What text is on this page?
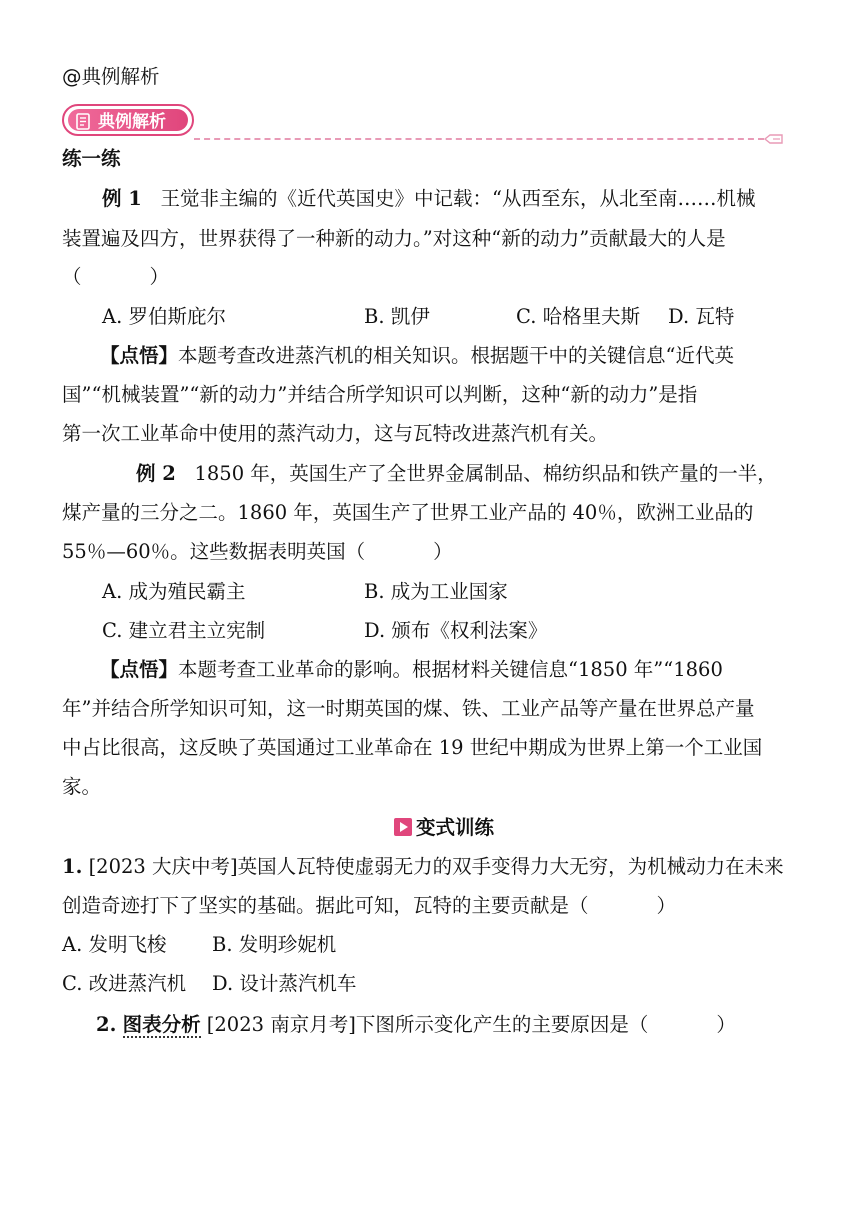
@典例解析
典例解析
练一练
例 1 王觉非主编的《近代英国史》中记载：“从西至东，从北至南……机械
装置遍及四方，世界获得了一种新的动力。”对这种“新的动力”贡献最大的人是
（	）
A. 罗伯斯庇尔	B. 凯伊	C. 哈格里夫斯 D. 瓦特
【点悟】本题考查改进蒸汽机的相关知识。根据题干中的关键信息“近代英
国”“机械装置”“新的动力”并结合所学知识可以判断，这种“新的动力”是指
第一次工业革命中使用的蒸汽动力，这与瓦特改进蒸汽机有关。
例 2 1850 年，英国生产了全世界金属制品、棉纺织品和铁产量的一半，
煤产量的三分之二。1860 年，英国生产了世界工业产品的 40％，欧洲工业品的
55％—60％。这些数据表明英国（	）
A. 成为殖民霸主	B. 成为工业国家
C. 建立君主立宪制	D. 颁布《权利法案》
【点悟】本题考查工业革命的影响。根据材料关键信息“1850 年”“1860
年”并结合所学知识可知，这一时期英国的煤、铁、工业产品等产量在世界总产量
中占比很高，这反映了英国通过工业革命在 19 世纪中期成为世界上第一个工业国
家。
变式训练
1. [2023 大庆中考]英国人瓦特使虚弱无力的双手变得力大无穷，为机械动力在未来
创造奇迹打下了坚实的基础。据此可知，瓦特的主要贡献是（	）
A. 发明飞梭 B. 发明珍妮机
C. 改进蒸汽机 D. 设计蒸汽机车
2. 图表分析 [2023 南京月考]下图所示变化产生的主要原因是（	）
